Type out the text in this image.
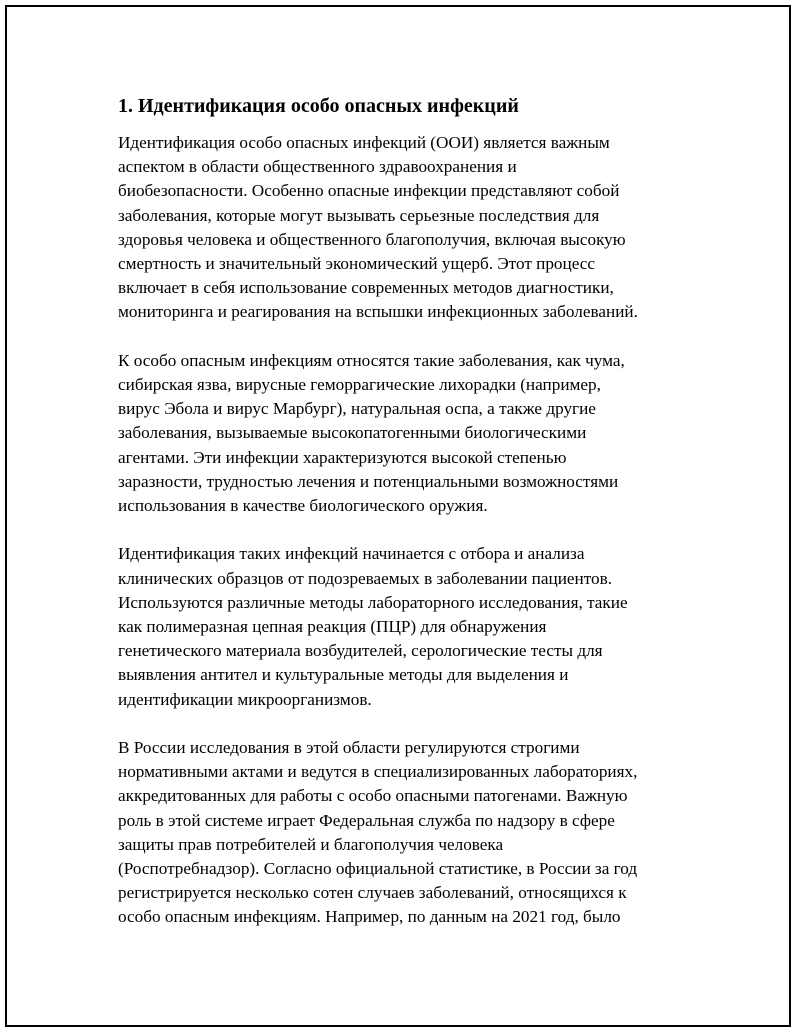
1. Идентификация особо опасных инфекций
Идентификация особо опасных инфекций (ООИ) является важным
аспектом в области общественного здравоохранения и
биобезопасности. Особенно опасные инфекции представляют собой
заболевания, которые могут вызывать серьезные последствия для
здоровья человека и общественного благополучия, включая высокую
смертность и значительный экономический ущерб. Этот процесс
включает в себя использование современных методов диагностики,
мониторинга и реагирования на вспышки инфекционных заболеваний.
К особо опасным инфекциям относятся такие заболевания, как чума,
сибирская язва, вирусные геморрагические лихорадки (например,
вирус Эбола и вирус Марбург), натуральная оспа, а также другие
заболевания, вызываемые высокопатогенными биологическими
агентами. Эти инфекции характеризуются высокой степенью
заразности, трудностью лечения и потенциальными возможностями
использования в качестве биологического оружия.
Идентификация таких инфекций начинается с отбора и анализа
клинических образцов от подозреваемых в заболевании пациентов.
Используются различные методы лабораторного исследования, такие
как полимеразная цепная реакция (ПЦР) для обнаружения
генетического материала возбудителей, серологические тесты для
выявления антител и культуральные методы для выделения и
идентификации микроорганизмов.
В России исследования в этой области регулируются строгими
нормативными актами и ведутся в специализированных лабораториях,
аккредитованных для работы с особо опасными патогенами. Важную
роль в этой системе играет Федеральная служба по надзору в сфере
защиты прав потребителей и благополучия человека
(Роспотребнадзор). Согласно официальной статистике, в России за год
регистрируется несколько сотен случаев заболеваний, относящихся к
особо опасным инфекциям. Например, по данным на 2021 год, было
